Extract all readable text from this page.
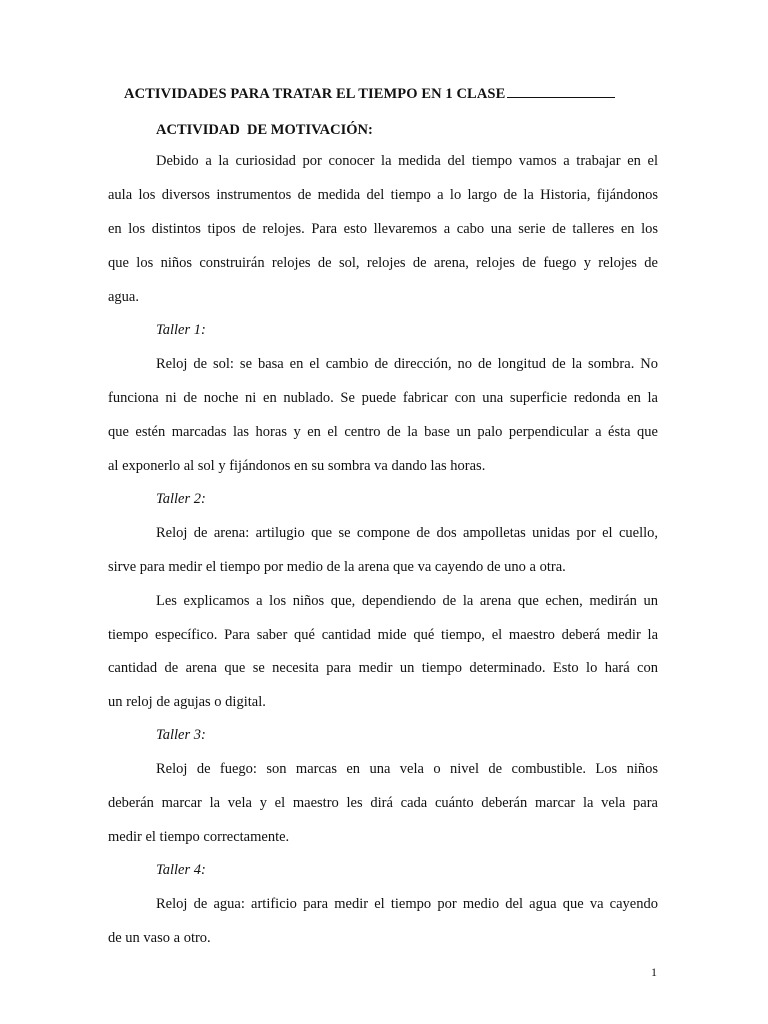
ACTIVIDADES PARA TRATAR EL TIEMPO EN 1 CLASE
ACTIVIDAD  DE MOTIVACIÓN:
Debido a la curiosidad por conocer la medida del tiempo vamos a trabajar en el
aula los diversos instrumentos de medida del tiempo a lo largo de la Historia, fijándonos
en los distintos tipos de relojes. Para esto llevaremos a cabo una serie de talleres en los
que los niños construirán relojes de sol, relojes de arena, relojes de fuego y relojes de
agua.
Taller 1:
Reloj de sol: se basa en el cambio de dirección, no de longitud de la sombra. No
funciona ni de noche ni en nublado. Se puede fabricar con una superficie redonda en la
que estén marcadas las horas y en el centro de la base un palo perpendicular a ésta que
al exponerlo al sol y fijándonos en su sombra va dando las horas.
Taller 2:
Reloj de arena: artilugio que se compone de dos ampolletas unidas por el cuello,
sirve para medir el tiempo por medio de la arena que va cayendo de uno a otra.
Les explicamos a los niños que, dependiendo de la arena que echen, medirán un
tiempo específico. Para saber qué cantidad mide qué tiempo, el maestro deberá medir la
cantidad de arena que se necesita para medir un tiempo determinado. Esto lo hará con
un reloj de agujas o digital.
Taller 3:
Reloj de fuego: son marcas en una vela o nivel de combustible. Los niños
deberán marcar la vela y el maestro les dirá cada cuánto deberán marcar la vela para
medir el tiempo correctamente.
Taller 4:
Reloj de agua: artificio para medir el tiempo por medio del agua que va cayendo
de un vaso a otro.
1
